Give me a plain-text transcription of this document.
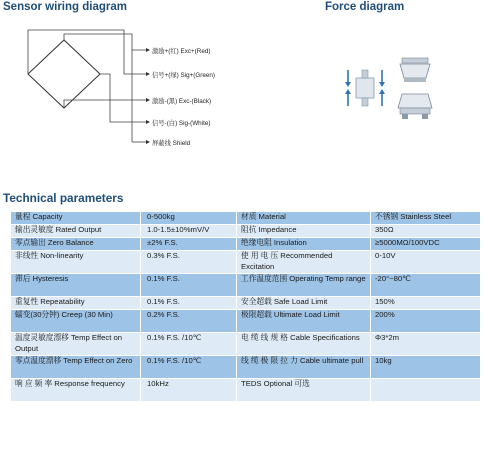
Sensor wiring diagram	Force diagram
激励+(红) Exc+(Red)
信号+(绿) Sig+(Green)
激励-(黑) Exc-(Black)
信号-(白) Sig-(White)
屏蔽线 Shield
Technical parameters
量程 Capacity	0-500kg	材质 Material	不锈钢 Stainless Steel
输出灵敏度 Rated Output	1.0-1.5±10%mV/V	阻抗 Impedance	350Ω
零点输出 Zero Balance	±2% F.S.	绝缘电阻 Insulation	≥5000MΩ/100VDC
非线性 Non-linearity	0.3% F.S.	使 用 电 压 Recommended Excitation	0-10V
滞后 Hysteresis	0.1% F.S.	工作温度范围 Operating Temp range	-20°~80℃
重复性 Repeatability	0.1% F.S.	安全超载 Safe Load Limit	150%
蠕变(30分钟) Creep (30 Min)	0.2% F.S.	极限超载 Ultimate Load Limit	200%
温度灵敏度漂移 Temp Effect on Output	0.1% F.S. /10℃	电 缆 线 规 格 Cable Specifications	Φ3*2m
零点温度漂移 Temp Effect on Zero	0.1% F.S. /10℃	线 缆 极 限 拉 力 Cable ultimate pull	10kg
响 应 频 率 Response frequency	10kHz	TEDS Optional 可选	
